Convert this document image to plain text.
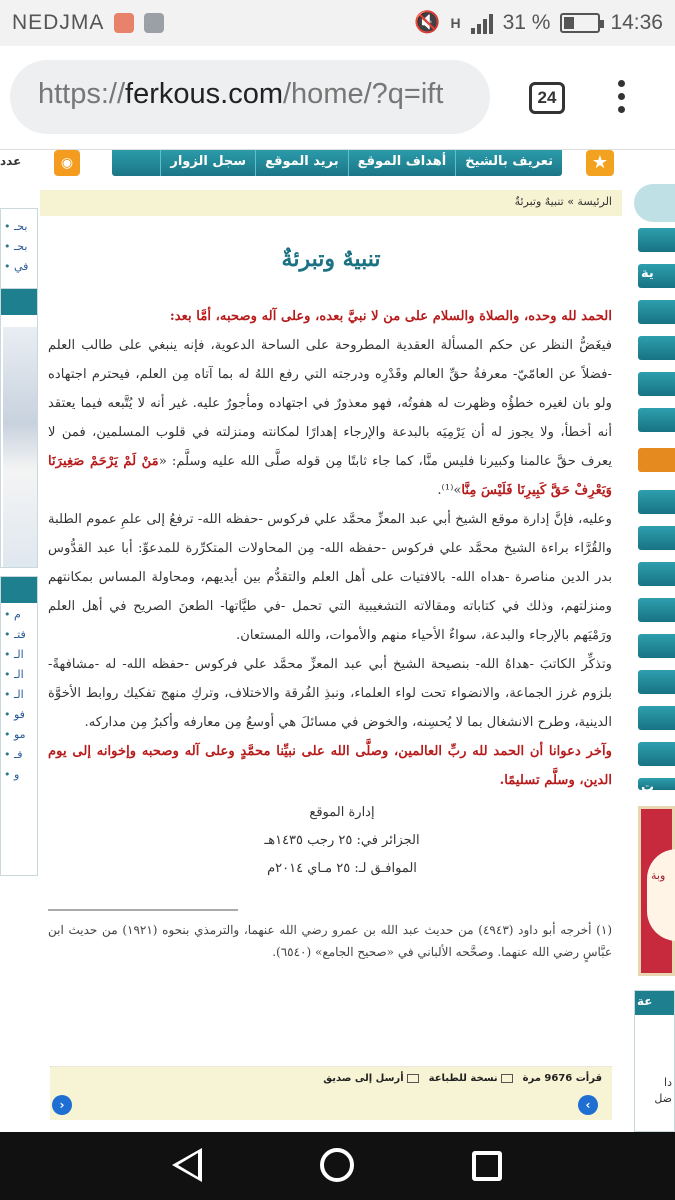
NEDJMA	🔇 H 31 %	14:36
https://ferkous.com/home/?q=ift	24
عدد	◉	تعريف بالشيخ
أهداف الموقع
بريد الموقع
سجل الزوار	★
• بحـ
• بحـ
• في
• م
• فتـ
• الـ
• الـ
• الـ
• فو
• مو
• فـ
• و
ية
ت
وبة
عة
دا
ضل
الرئيسة » تنبيهٌ وتبرئةٌ
تنبيهٌ وتبرئةٌ

الحمد لله وحده، والصلاة والسلام على من لا نبيَّ بعده، وعلى آله وصحبه، أمَّا بعد:

فيغَضُّ النظر عن حكم المسألة العقدية المطروحة على الساحة الدعوية، فإنه ينبغي على طالب العلم -فضلاً عن العامّيّ- معرفةُ حقِّ العالم وقَدْرِه ودرجته التي رفع اللهُ له بما آتاه مِن العلم، فيحترم اجتهاده ولو بان لغيره خطؤُه وظهرت له هفوتُه، فهو معذورٌ في اجتهاده ومأجورٌ عليه. غير أنه لا يُتَّبعه فيما يعتقد أنه أخطأ، ولا يجوز له أن يَرْمِيَه بالبدعة والإرجاء إهدارًا لمكانته ومنزلته في قلوب المسلمين، فمن لا يعرف حقَّ عالمنا وكبيرنا فليس منَّا، كما جاء ثابتًا مِن قوله صلَّى الله عليه وسلَّم: «مَنْ لَمْ يَرْحَمْ صَغِيرَنَا وَيَعْرِفْ حَقَّ كَبِيرِنَا فَلَيْسَ مِنَّا»⁽¹⁾.

وعليه، فإنَّ إدارة موقع الشيخ أبي عبد المعزِّ محمَّد علي فركوس -حفظه الله- ترفعُ إلى علمِ عموم الطلبة والقُرَّاء براءة الشيخ محمَّد علي فركوس -حفظه الله- مِن المحاولات المتكرِّرة للمدعوِّ: أبا عبد القدُّوس بدر الدين مناصرة -هداه الله- بالافتيات على أهل العلم والتقدُّم بين أيديهم، ومحاولة المساس بمكانتهم ومنزلتهم، وذلك في كتاباته ومقالاته التشغيبية التي تحمل -في طيَّاتها- الطعنَ الصريح في أهل العلم ورَمْيَهم بالإرجاء والبدعة، سواءٌ الأحياء منهم والأموات، والله المستعان.

وتذكِّر الكاتبَ -هداهُ الله- بنصيحة الشيخ أبي عبد المعزِّ محمَّد علي فركوس -حفظه الله- له -مشافهةً- بلزوم غرز الجماعة، والانضواء تحت لواء العلماء، ونبذِ الفُرقة والاختلاف، وتركِ منهج تفكيك روابط الأخوَّة الدينية، وطرح الانشغال بما لا يُحسِنه، والخوض في مسائلَ هي أوسعُ مِن معارفه وأكبرُ مِن مداركه.

وآخر دعوانا أن الحمد لله ربِّ العالمين، وصلَّى الله على نبيِّنا محمَّدٍ وعلى آله وصحبه وإخوانه إلى يوم الدين، وسلَّم تسليمًا.

إدارة الموقع
الجزائر في: ٢٥ رجب ١٤٣٥هـ
الموافـق لـ: ٢٥ مـاي ٢٠١٤م
(١) أخرجه أبو داود (٤٩٤٣) من حديث عبد الله بن عمرو رضي الله عنهما، والترمذي بنحوه (١٩٢١) من حديث ابن عبَّاسٍ رضي الله عنهما. وصحَّحه الألباني في «صحيح الجامع» (٦٥٤٠).
قرأت 9676 مرة
نسخة للطباعة
أرسل إلى صديق
›
‹
